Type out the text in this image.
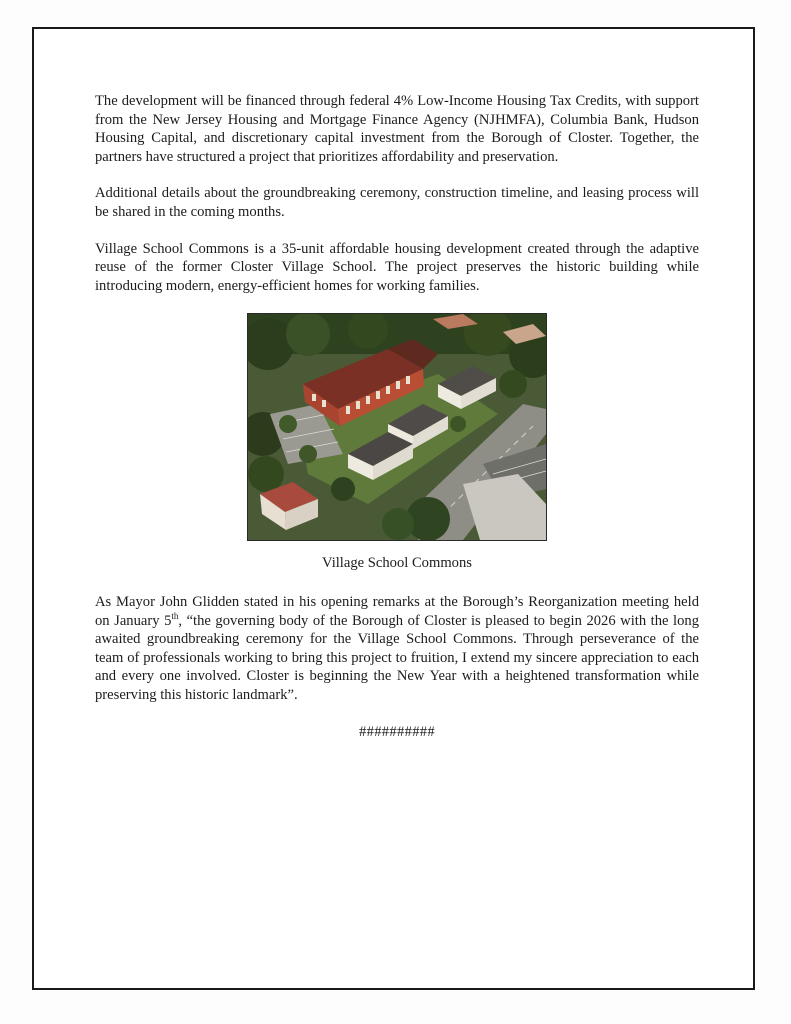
The development will be financed through federal 4% Low-Income Housing Tax Credits, with support from the New Jersey Housing and Mortgage Finance Agency (NJHMFA), Columbia Bank, Hudson Housing Capital, and discretionary capital investment from the Borough of Closter. Together, the partners have structured a project that prioritizes affordability and preservation.

Additional details about the groundbreaking ceremony, construction timeline, and leasing process will be shared in the coming months.

Village School Commons is a 35-unit affordable housing development created through the adaptive reuse of the former Closter Village School. The project preserves the historic building while introducing modern, energy-efficient homes for working families.

Village School Commons

As Mayor John Glidden stated in his opening remarks at the Borough’s Reorganization meeting held on January 5th, “the governing body of the Borough of Closter is pleased to begin 2026 with the long awaited groundbreaking ceremony for the Village School Commons. Through perseverance of the team of professionals working to bring this project to fruition, I extend my sincere appreciation to each and every one involved. Closter is beginning the New Year with a heightened transformation while preserving this historic landmark”.

##########
